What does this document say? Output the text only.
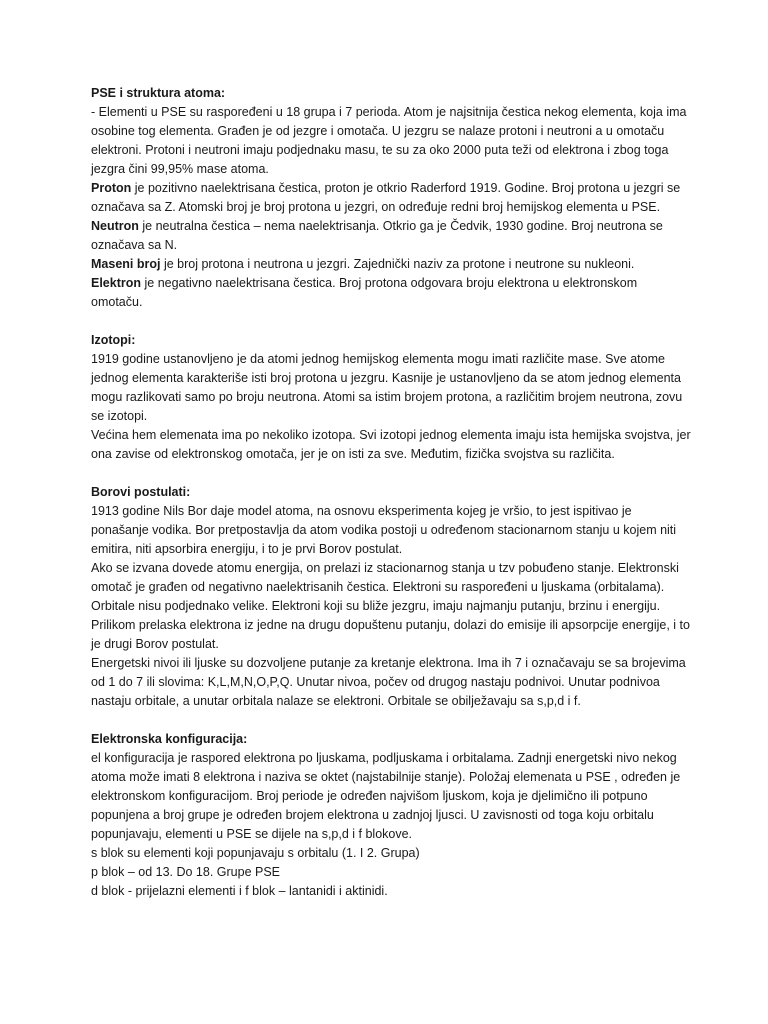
PSE i struktura atoma:

- Elementi u PSE su raspoređeni u 18 grupa i 7 perioda. Atom je najsitnija čestica nekog elementa, koja ima osobine tog elementa. Građen je od jezgre i omotača. U jezgru se nalaze protoni i neutroni a u omotaču elektroni. Protoni i neutroni imaju podjednaku masu, te su za oko 2000 puta teži od elektrona i zbog toga jezgra čini 99,95% mase atoma.

Proton je pozitivno naelektrisana čestica, proton je otkrio Raderford 1919. Godine. Broj protona u jezgri se označava sa Z. Atomski broj je broj protona u jezgri, on određuje redni broj hemijskog elementa u PSE.

Neutron je neutralna čestica – nema naelektrisanja. Otkrio ga je Čedvik, 1930 godine. Broj neutrona se označava sa N.

Maseni broj je broj protona i neutrona u jezgri. Zajednički naziv za protone i neutrone su nukleoni.

Elektron je negativno naelektrisana čestica. Broj protona odgovara broju elektrona u elektronskom omotaču.

Izotopi:

1919 godine ustanovljeno je da atomi jednog hemijskog elementa mogu imati različite mase. Sve atome jednog elementa karakteriše isti broj protona u jezgru. Kasnije je ustanovljeno da se atom jednog elementa mogu razlikovati samo po broju neutrona. Atomi sa istim brojem protona, a različitim brojem neutrona, zovu se izotopi.

Većina hem elemenata ima po nekoliko izotopa. Svi izotopi jednog elementa imaju ista hemijska svojstva, jer ona zavise od elektronskog omotača, jer je on isti za sve. Međutim, fizička svojstva su različita.

Borovi postulati:

1913 godine Nils Bor daje model atoma, na osnovu eksperimenta kojeg je vršio, to jest ispitivao je ponašanje vodika. Bor pretpostavlja da atom vodika postoji u određenom stacionarnom stanju u kojem niti emitira, niti apsorbira energiju, i to je prvi Borov postulat.

Ako se izvana dovede atomu energija, on prelazi iz stacionarnog stanja u tzv pobuđeno stanje. Elektronski omotač je građen od negativno naelektrisanih čestica. Elektroni su raspoređeni u ljuskama (orbitalama). Orbitale nisu podjednako velike. Elektroni koji su bliže jezgru, imaju najmanju putanju, brzinu i energiju. Prilikom prelaska elektrona iz jedne na drugu dopuštenu putanju, dolazi do emisije ili apsorpcije energije, i to je drugi Borov postulat.

Energetski nivoi ili ljuske su dozvoljene putanje za kretanje elektrona. Ima ih 7 i označavaju se sa brojevima od 1 do 7 ili slovima: K,L,M,N,O,P,Q. Unutar nivoa, počev od drugog nastaju podnivoi. Unutar podnivoa nastaju orbitale, a unutar orbitala nalaze se elektroni. Orbitale se obilježavaju sa s,p,d i f.

Elektronska konfiguracija:

el konfiguracija je raspored elektrona po ljuskama, podljuskama i orbitalama. Zadnji energetski nivo nekog atoma može imati 8 elektrona i naziva se oktet (najstabilnije stanje). Položaj elemenata u PSE , određen je elektronskom konfiguracijom. Broj periode je određen najvišom ljuskom, koja je djelimično ili potpuno popunjena a broj grupe je određen brojem elektrona u zadnjoj ljusci. U zavisnosti od toga koju orbitalu popunjavaju, elementi u PSE se dijele na s,p,d i f blokove.

s blok su elementi koji popunjavaju s orbitalu (1. I 2. Grupa)

p blok – od 13. Do 18. Grupe PSE

d blok - prijelazni elementi i f blok – lantanidi i aktinidi.
